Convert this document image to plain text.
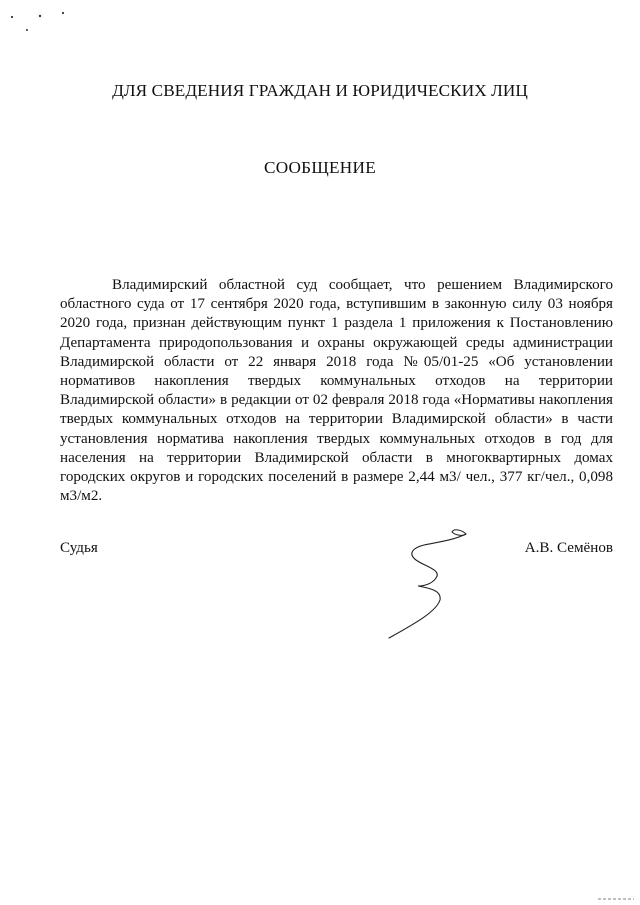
ДЛЯ СВЕДЕНИЯ ГРАЖДАН И ЮРИДИЧЕСКИХ ЛИЦ
СООБЩЕНИЕ

Владимирский областной суд сообщает, что решением Владимирского областного суда от 17 сентября 2020 года, вступившим в законную силу 03 ноября 2020 года, признан действующим пункт 1 раздела 1 приложения к Постановлению Департамента природопользования и охраны окружающей среды администрации Владимирской области от 22 января 2018 года №05/01-25 «Об установлении нормативов накопления твердых коммунальных отходов на территории Владимирской области» в редакции от 02 февраля 2018 года «Нормативы накопления твердых коммунальных отходов на территории Владимирской области» в части установления норматива накопления твердых коммунальных отходов в год для населения на территории Владимирской области в многоквартирных домах городских округов и городских поселений в размере 2,44 м3/ чел., 377 кг/чел., 0,098 м3/м2.

Судья	А.В. Семёнов
